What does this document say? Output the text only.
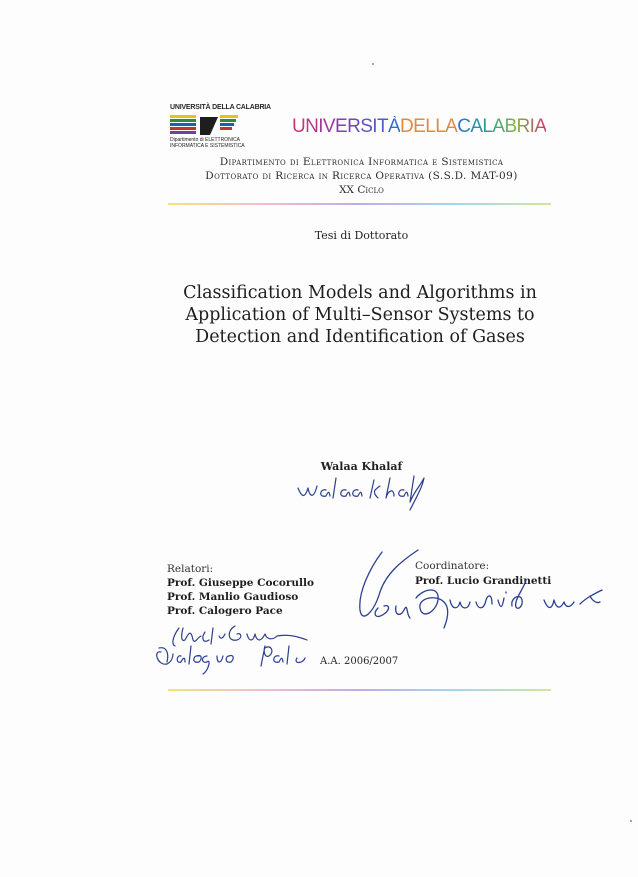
UNIVERSITÀ DELLA CALABRIA
Dipartimento di ELETTRONICA
INFORMATICA E SISTEMISTICA
UNIVERSITÀDELLACALABRIA
Dipartimento di Elettronica Informatica e Sistemistica
Dottorato di Ricerca in Ricerca Operativa (S.S.D. MAT-09)
XX Ciclo
Tesi di Dottorato
Classification Models and Algorithms in
Application of Multi–Sensor Systems to
Detection and Identification of Gases
Walaa Khalaf
Relatori:
Prof. Giuseppe Cocorullo
Prof. Manlio Gaudioso
Prof. Calogero Pace
Coordinatore:
Prof. Lucio Grandinetti
A.A. 2006/2007
